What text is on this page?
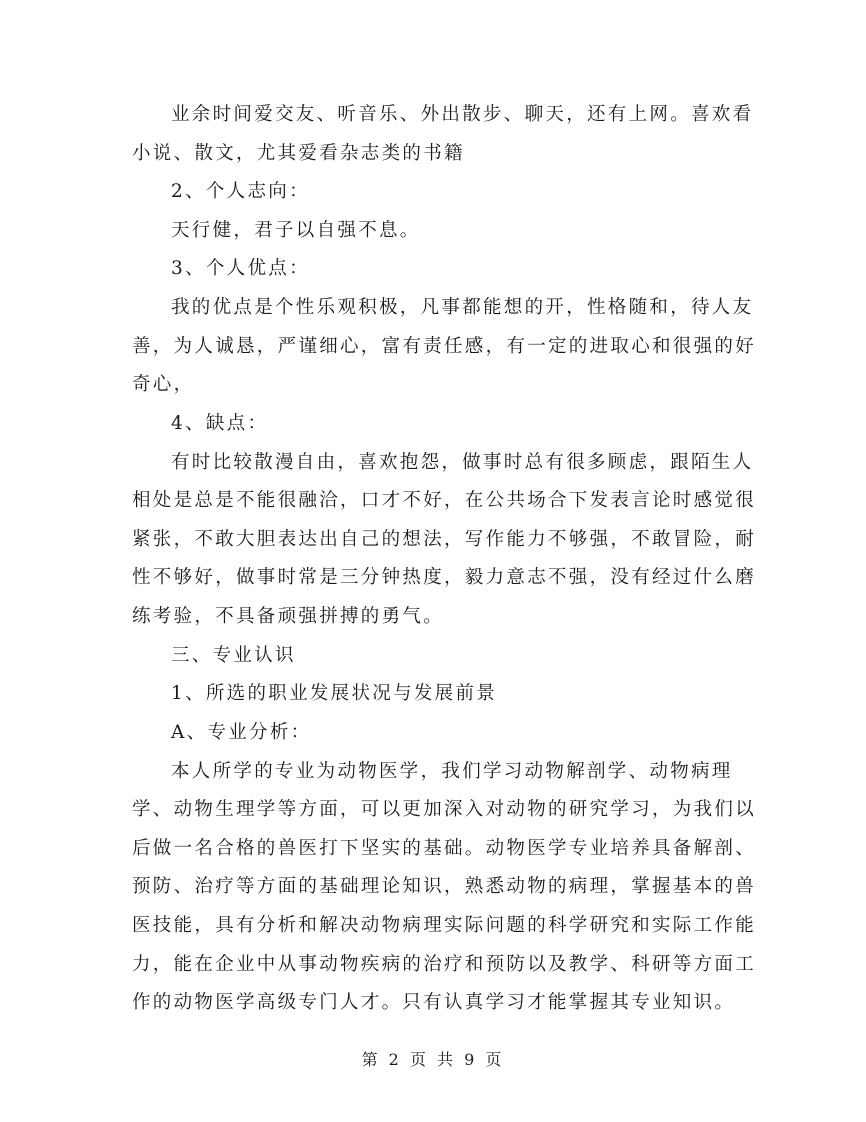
业余时间爱交友、听音乐、外出散步、聊天，还有上网。喜欢看
小说、散文，尤其爱看杂志类的书籍
2、个人志向：
天行健，君子以自强不息。
3、个人优点：
我的优点是个性乐观积极，凡事都能想的开，性格随和，待人友
善，为人诚恳，严谨细心，富有责任感，有一定的进取心和很强的好
奇心，
4、缺点：
有时比较散漫自由，喜欢抱怨，做事时总有很多顾虑，跟陌生人
相处是总是不能很融洽，口才不好，在公共场合下发表言论时感觉很
紧张，不敢大胆表达出自己的想法，写作能力不够强，不敢冒险，耐
性不够好，做事时常是三分钟热度，毅力意志不强，没有经过什么磨
练考验，不具备顽强拼搏的勇气。
三、专业认识
1、所选的职业发展状况与发展前景
A、专业分析：
本人所学的专业为动物医学，我们学习动物解剖学、动物病理
学、动物生理学等方面，可以更加深入对动物的研究学习，为我们以
后做一名合格的兽医打下坚实的基础。动物医学专业培养具备解剖、
预防、治疗等方面的基础理论知识，熟悉动物的病理，掌握基本的兽
医技能，具有分析和解决动物病理实际问题的科学研究和实际工作能
力，能在企业中从事动物疾病的治疗和预防以及教学、科研等方面工
作的动物医学高级专门人才。只有认真学习才能掌握其专业知识。
第 2 页 共 9 页
